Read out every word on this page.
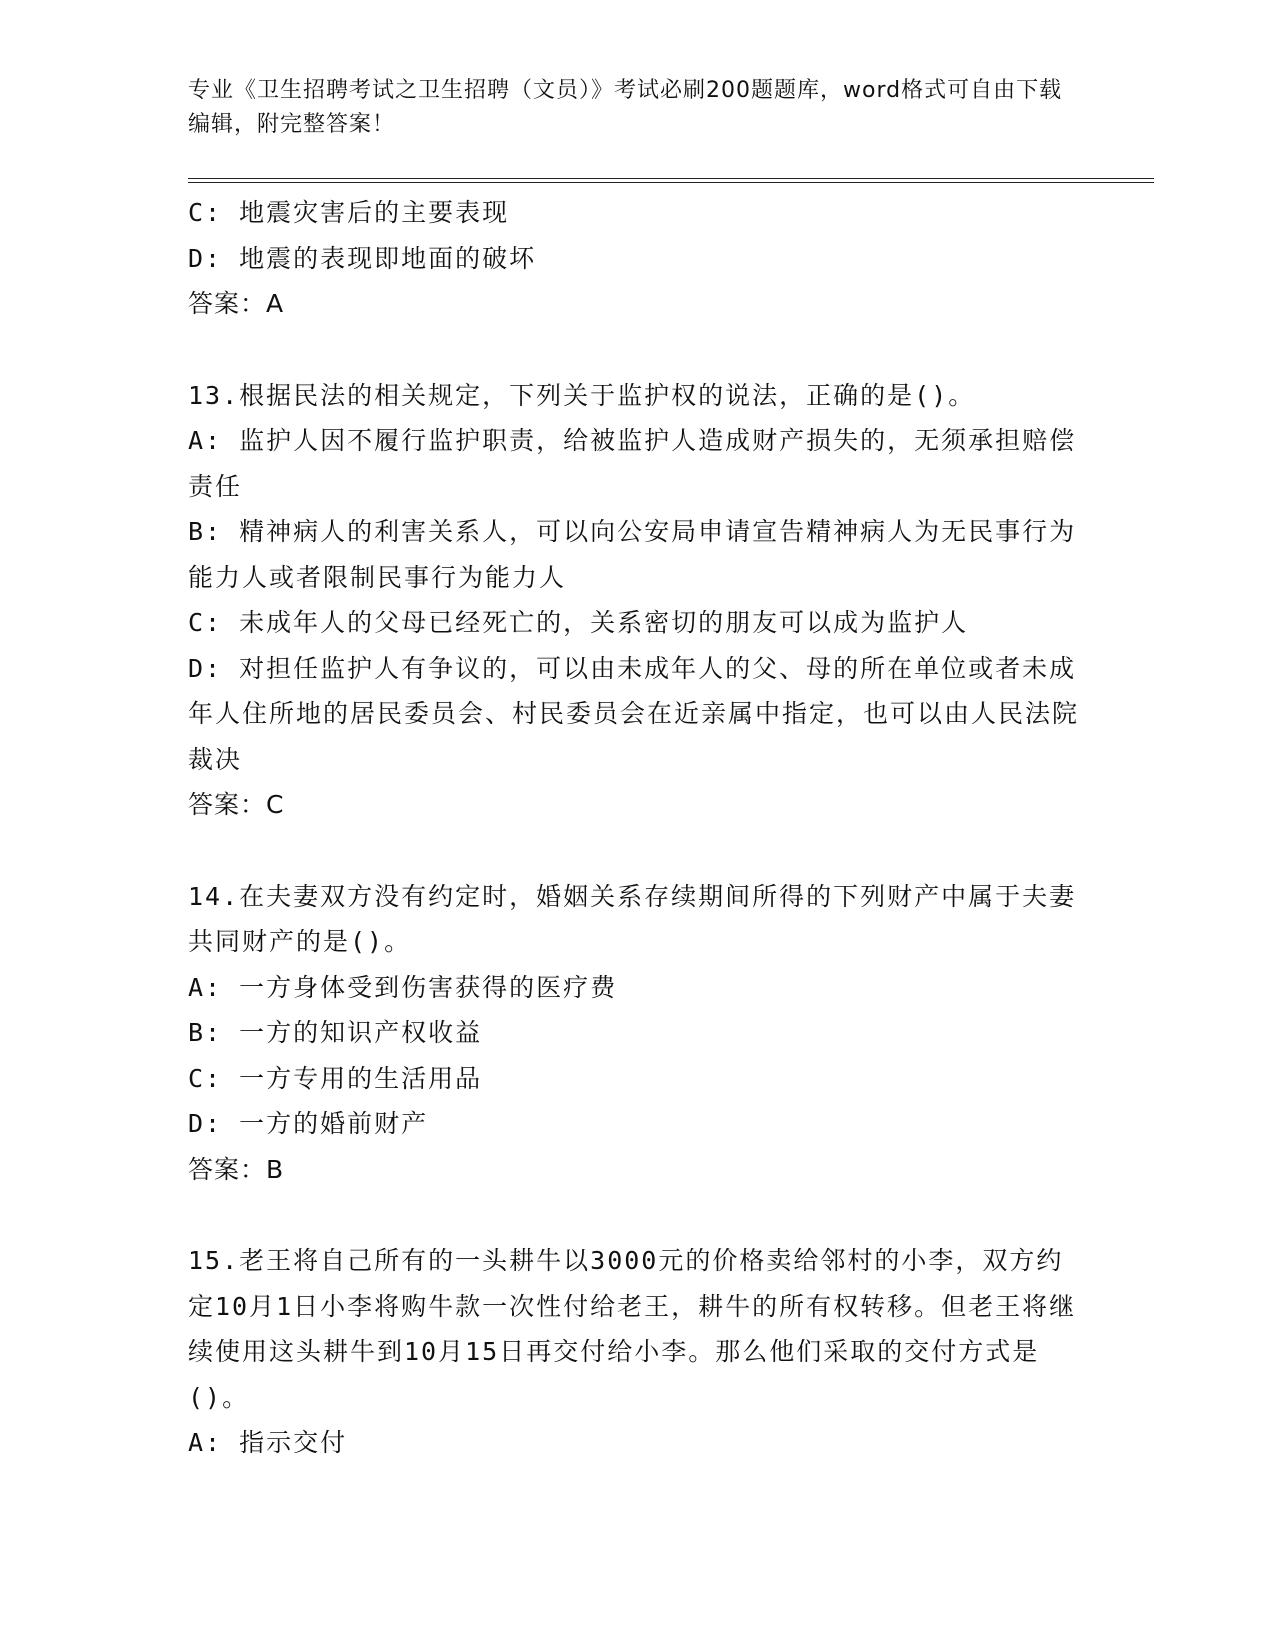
专业《卫生招聘考试之卫生招聘（文员）》考试必刷200题题库，word格式可自由下载编辑，附完整答案！
C: 地震灾害后的主要表现
D: 地震的表现即地面的破坏
答案：A
13.根据民法的相关规定，下列关于监护权的说法，正确的是()。
A: 监护人因不履行监护职责，给被监护人造成财产损失的，无须承担赔偿责任
B: 精神病人的利害关系人，可以向公安局申请宣告精神病人为无民事行为能力人或者限制民事行为能力人
C: 未成年人的父母已经死亡的，关系密切的朋友可以成为监护人
D: 对担任监护人有争议的，可以由未成年人的父、母的所在单位或者未成年人住所地的居民委员会、村民委员会在近亲属中指定，也可以由人民法院裁决
答案：C
14.在夫妻双方没有约定时，婚姻关系存续期间所得的下列财产中属于夫妻共同财产的是()。
A: 一方身体受到伤害获得的医疗费
B: 一方的知识产权收益
C: 一方专用的生活用品
D: 一方的婚前财产
答案：B
15.老王将自己所有的一头耕牛以3000元的价格卖给邻村的小李，双方约定10月1日小李将购牛款一次性付给老王，耕牛的所有权转移。但老王将继续使用这头耕牛到10月15日再交付给小李。那么他们采取的交付方式是()。
A: 指示交付
